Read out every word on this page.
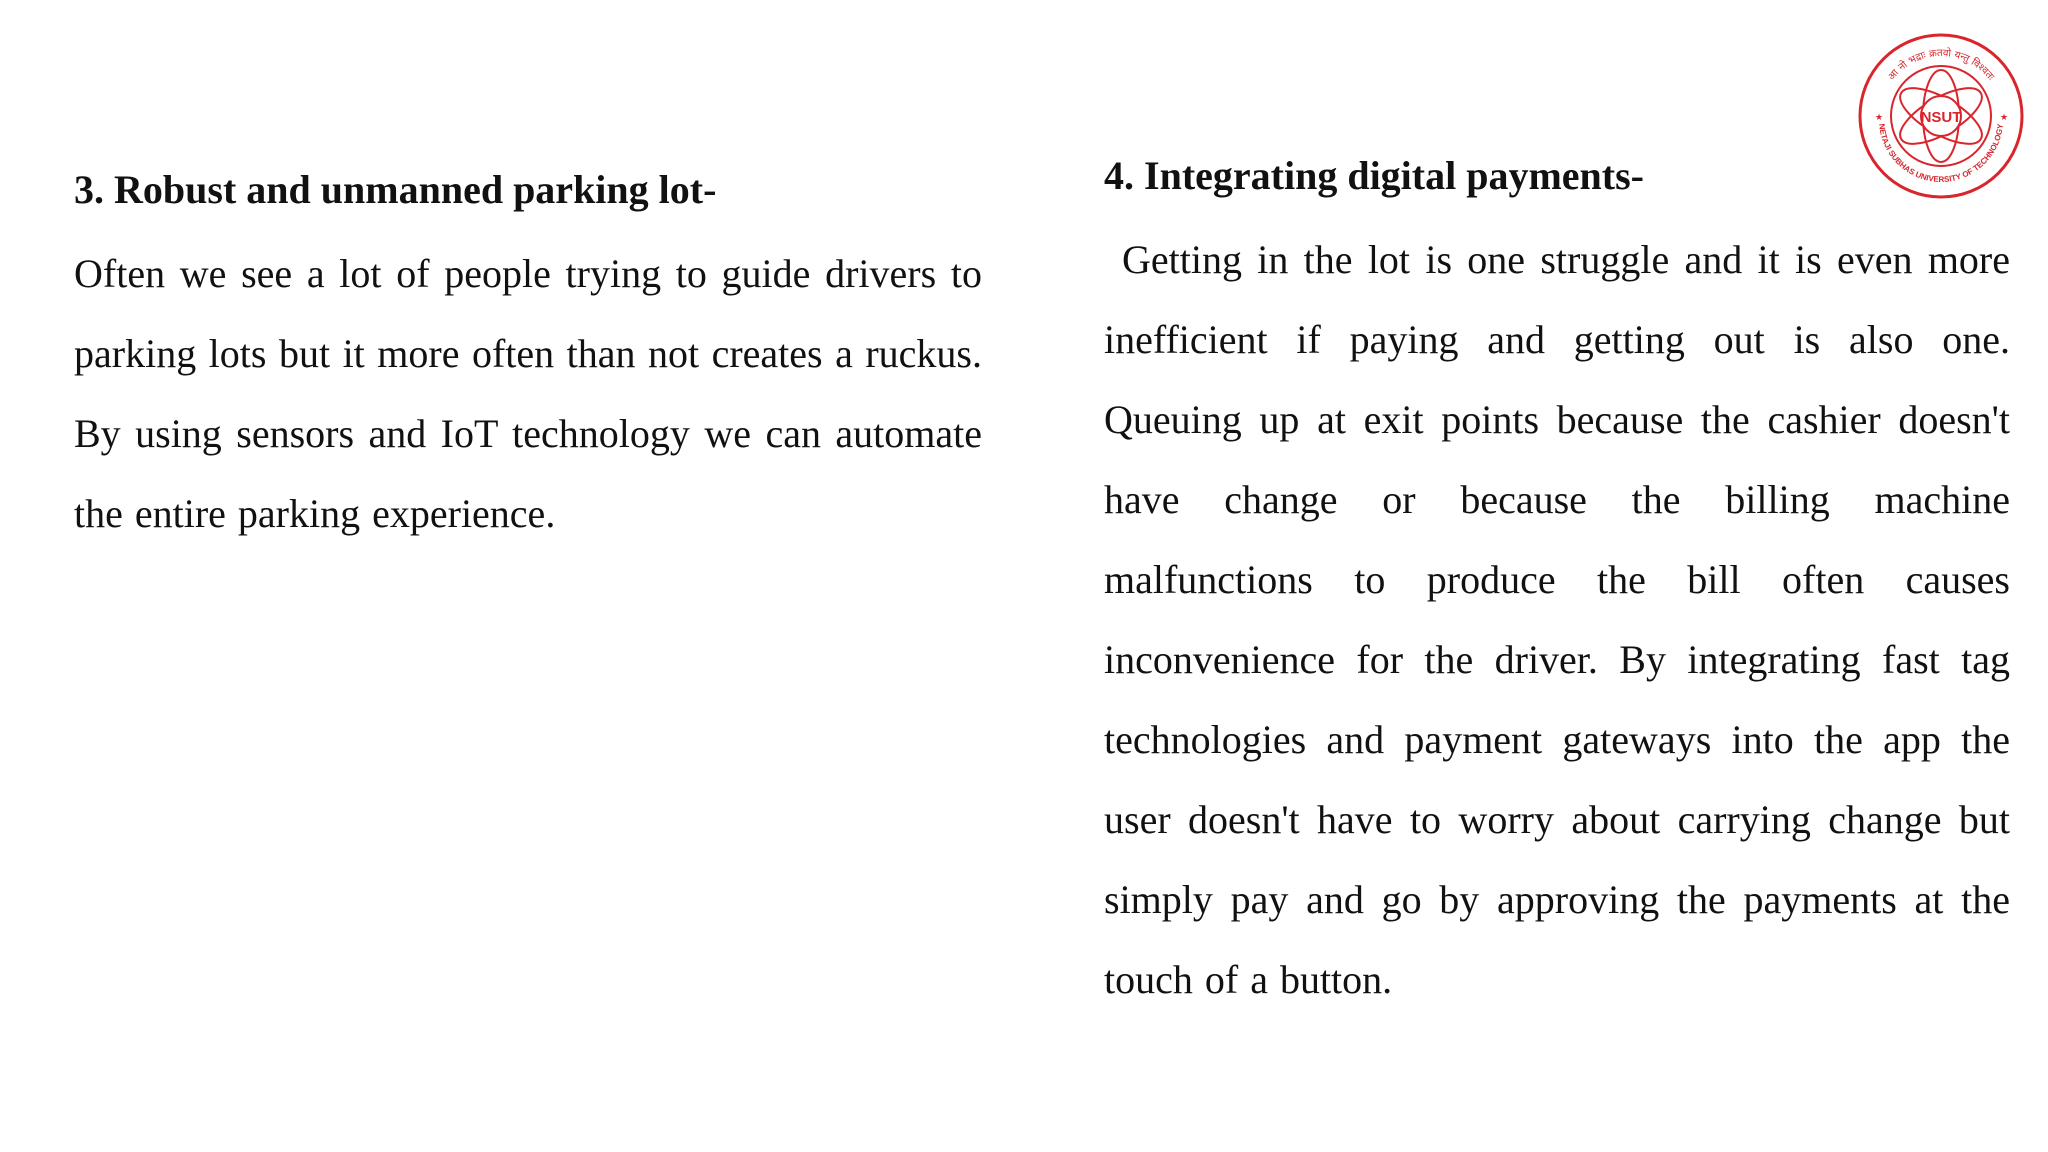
3. Robust and unmanned parking lot-

Often we see a lot of people trying to guide drivers to parking lots but it more often than not creates a ruckus. By using sensors and IoT technology we can automate the entire parking experience.

4. Integrating digital payments-

Getting in the lot is one struggle and it is even more inefficient if paying and getting out is also one. Queuing up at exit points because the cashier doesn't have change or because the billing machine malfunctions to produce the bill often causes inconvenience for the driver. By integrating fast tag technologies and payment gateways into the app the user doesn't have to worry about carrying change but simply pay and go by approving the payments at the touch of a button.

NSUT
आ नो भद्राः क्रतवो यन्तु विश्वतः
NETAJI SUBHAS UNIVERSITY OF TECHNOLOGY
★	★
